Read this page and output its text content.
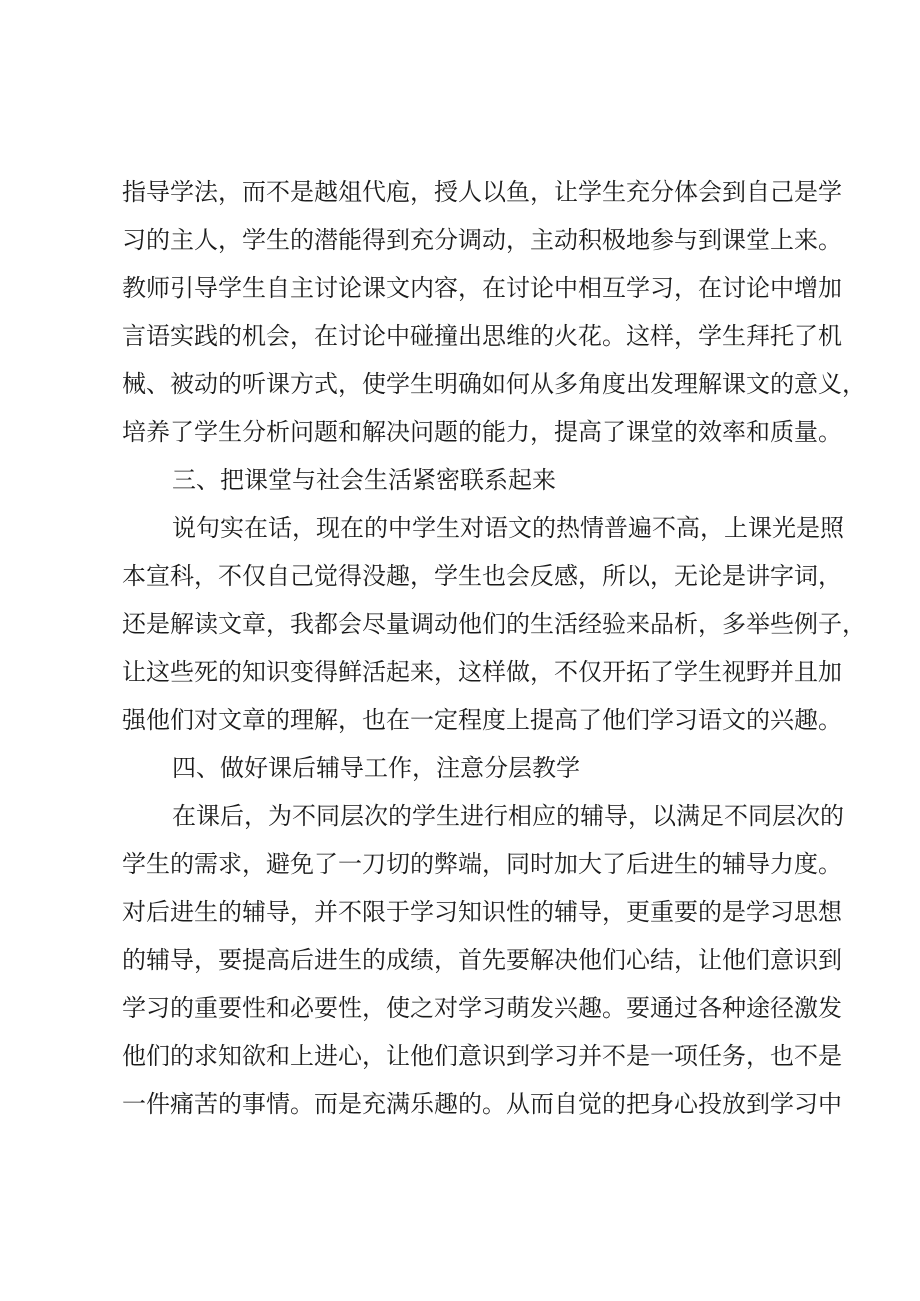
指导学法，而不是越俎代庖，授人以鱼，让学生充分体会到自己是学
习的主人，学生的潜能得到充分调动，主动积极地参与到课堂上来。
教师引导学生自主讨论课文内容，在讨论中相互学习，在讨论中增加
言语实践的机会，在讨论中碰撞出思维的火花。这样，学生拜托了机
械、被动的听课方式，使学生明确如何从多角度出发理解课文的意义，
培养了学生分析问题和解决问题的能力，提高了课堂的效率和质量。
三、把课堂与社会生活紧密联系起来
说句实在话，现在的中学生对语文的热情普遍不高，上课光是照
本宣科，不仅自己觉得没趣，学生也会反感，所以，无论是讲字词，
还是解读文章，我都会尽量调动他们的生活经验来品析，多举些例子，
让这些死的知识变得鲜活起来，这样做，不仅开拓了学生视野并且加
强他们对文章的理解，也在一定程度上提高了他们学习语文的兴趣。
四、做好课后辅导工作，注意分层教学
在课后，为不同层次的学生进行相应的辅导，以满足不同层次的
学生的需求，避免了一刀切的弊端，同时加大了后进生的辅导力度。
对后进生的辅导，并不限于学习知识性的辅导，更重要的是学习思想
的辅导，要提高后进生的成绩，首先要解决他们心结，让他们意识到
学习的重要性和必要性，使之对学习萌发兴趣。要通过各种途径激发
他们的求知欲和上进心，让他们意识到学习并不是一项任务，也不是
一件痛苦的事情。而是充满乐趣的。从而自觉的把身心投放到学习中
